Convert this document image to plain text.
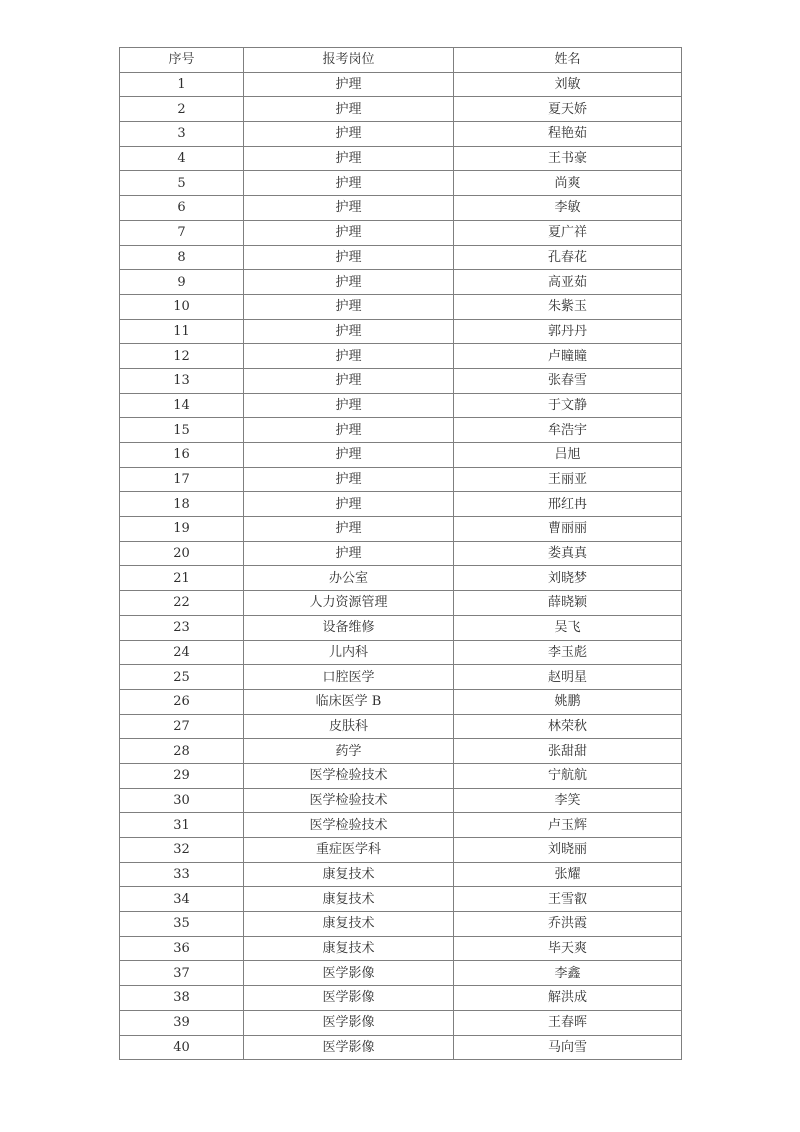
序号	报考岗位	姓名
1	护理	刘敏
2	护理	夏天娇
3	护理	程艳茹
4	护理	王书豪
5	护理	尚爽
6	护理	李敏
7	护理	夏广祥
8	护理	孔春花
9	护理	高亚茹
10	护理	朱紫玉
11	护理	郭丹丹
12	护理	卢瞳瞳
13	护理	张春雪
14	护理	于文静
15	护理	牟浩宇
16	护理	吕旭
17	护理	王丽亚
18	护理	邢红冉
19	护理	曹丽丽
20	护理	娄真真
21	办公室	刘晓梦
22	人力资源管理	薛晓颖
23	设备维修	吴飞
24	儿内科	李玉彪
25	口腔医学	赵明星
26	临床医学 B	姚鹏
27	皮肤科	林荣秋
28	药学	张甜甜
29	医学检验技术	宁航航
30	医学检验技术	李笑
31	医学检验技术	卢玉辉
32	重症医学科	刘晓丽
33	康复技术	张耀
34	康复技术	王雪叡
35	康复技术	乔洪霞
36	康复技术	毕天爽
37	医学影像	李鑫
38	医学影像	解洪成
39	医学影像	王春晖
40	医学影像	马向雪
